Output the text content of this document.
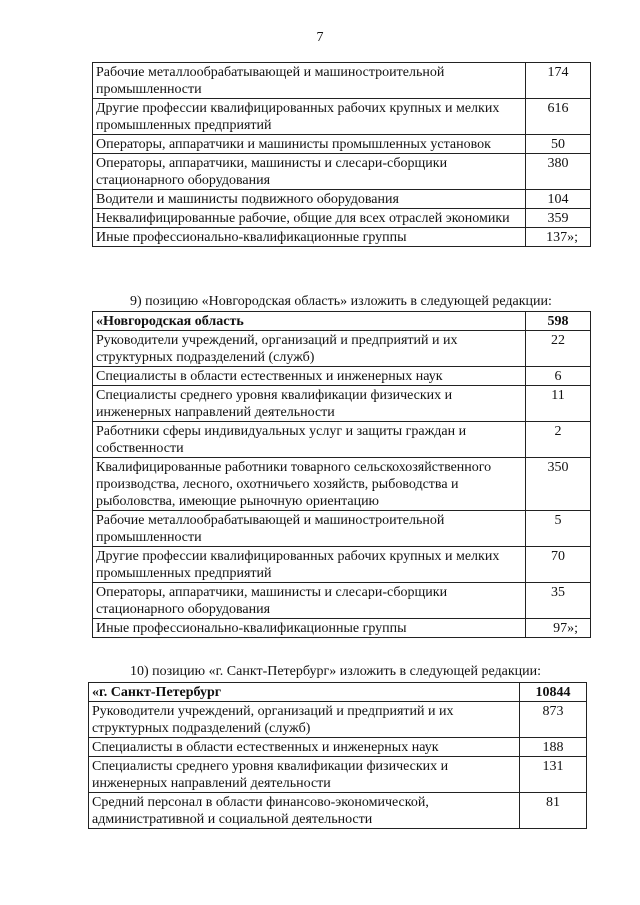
7
Рабочие металлообрабатывающей и машиностроительной промышленности	174
Другие профессии квалифицированных рабочих крупных и мелких промышленных предприятий	616
Операторы, аппаратчики и машинисты промышленных установок	50
Операторы, аппаратчики, машинисты и слесари-сборщики стационарного оборудования	380
Водители и машинисты подвижного оборудования	104
Неквалифицированные рабочие, общие для всех отраслей экономики	359
Иные профессионально-квалификационные группы	137»;
9) позицию «Новгородская область» изложить в следующей редакции:
«Новгородская область	598
Руководители учреждений, организаций и предприятий и их структурных подразделений (служб)	22
Специалисты в области естественных и инженерных наук	6
Специалисты среднего уровня квалификации физических и инженерных направлений деятельности	11
Работники сферы индивидуальных услуг и защиты граждан и собственности	2
Квалифицированные работники товарного сельскохозяйственного производства, лесного, охотничьего хозяйств, рыбоводства и рыболовства, имеющие рыночную ориентацию	350
Рабочие металлообрабатывающей и машиностроительной промышленности	5
Другие профессии квалифицированных рабочих крупных и мелких промышленных предприятий	70
Операторы, аппаратчики, машинисты и слесари-сборщики стационарного оборудования	35
Иные профессионально-квалификационные группы	97»;
10) позицию «г. Санкт-Петербург» изложить в следующей редакции:
«г. Санкт-Петербург	10844
Руководители учреждений, организаций и предприятий и их структурных подразделений (служб)	873
Специалисты в области естественных и инженерных наук	188
Специалисты среднего уровня квалификации физических и инженерных направлений деятельности	131
Средний персонал в области финансово-экономической, административной и социальной деятельности	81
